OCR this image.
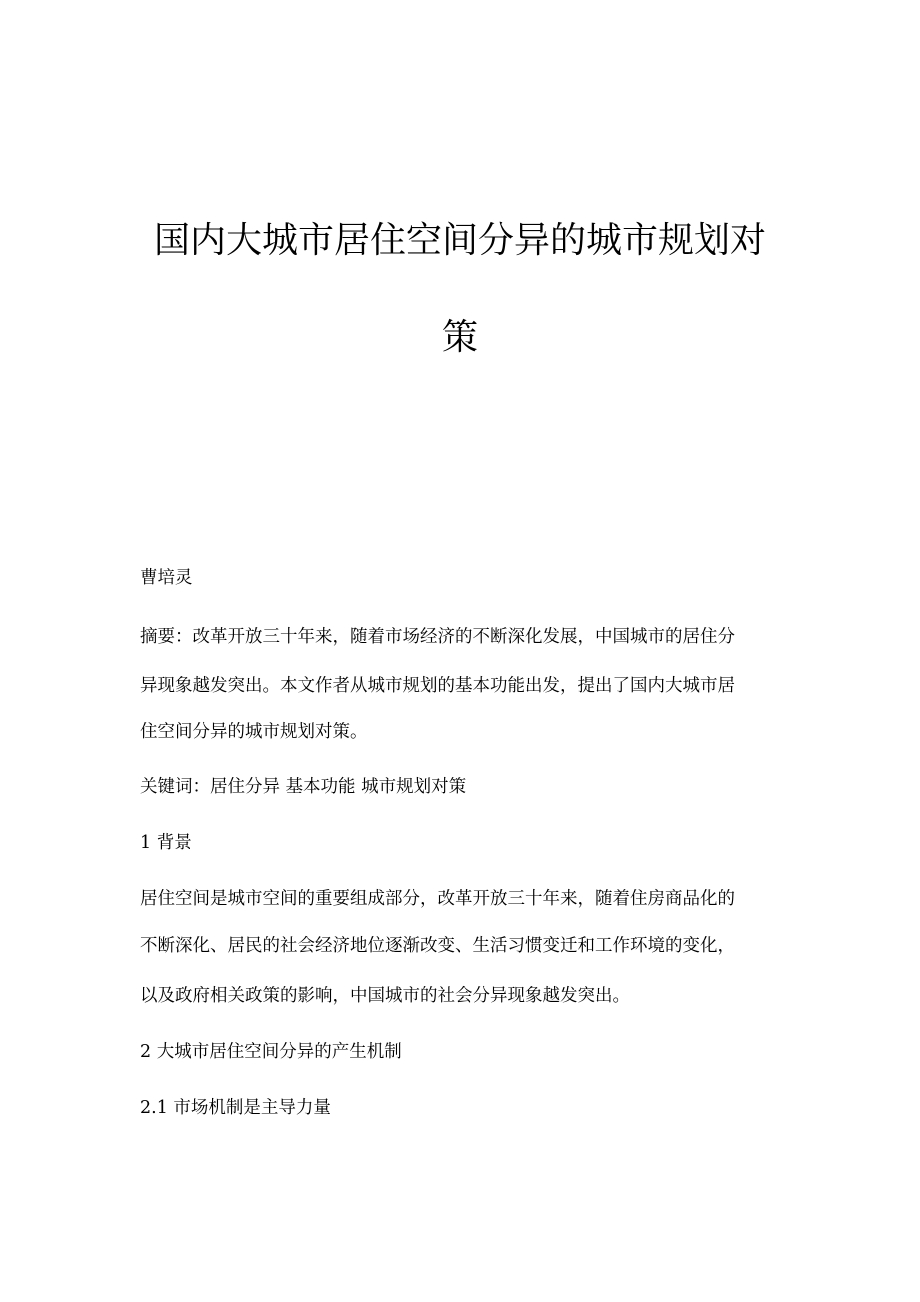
国内大城市居住空间分异的城市规划对
策

曹培灵

摘要：改革开放三十年来，随着市场经济的不断深化发展，中国城市的居住分

异现象越发突出。本文作者从城市规划的基本功能出发，提出了国内大城市居

住空间分异的城市规划对策。

关键词：居住分异 基本功能 城市规划对策

1 背景

居住空间是城市空间的重要组成部分，改革开放三十年来，随着住房商品化的

不断深化、居民的社会经济地位逐渐改变、生活习惯变迁和工作环境的变化，

以及政府相关政策的影响，中国城市的社会分异现象越发突出。

2 大城市居住空间分异的产生机制

2.1 市场机制是主导力量
